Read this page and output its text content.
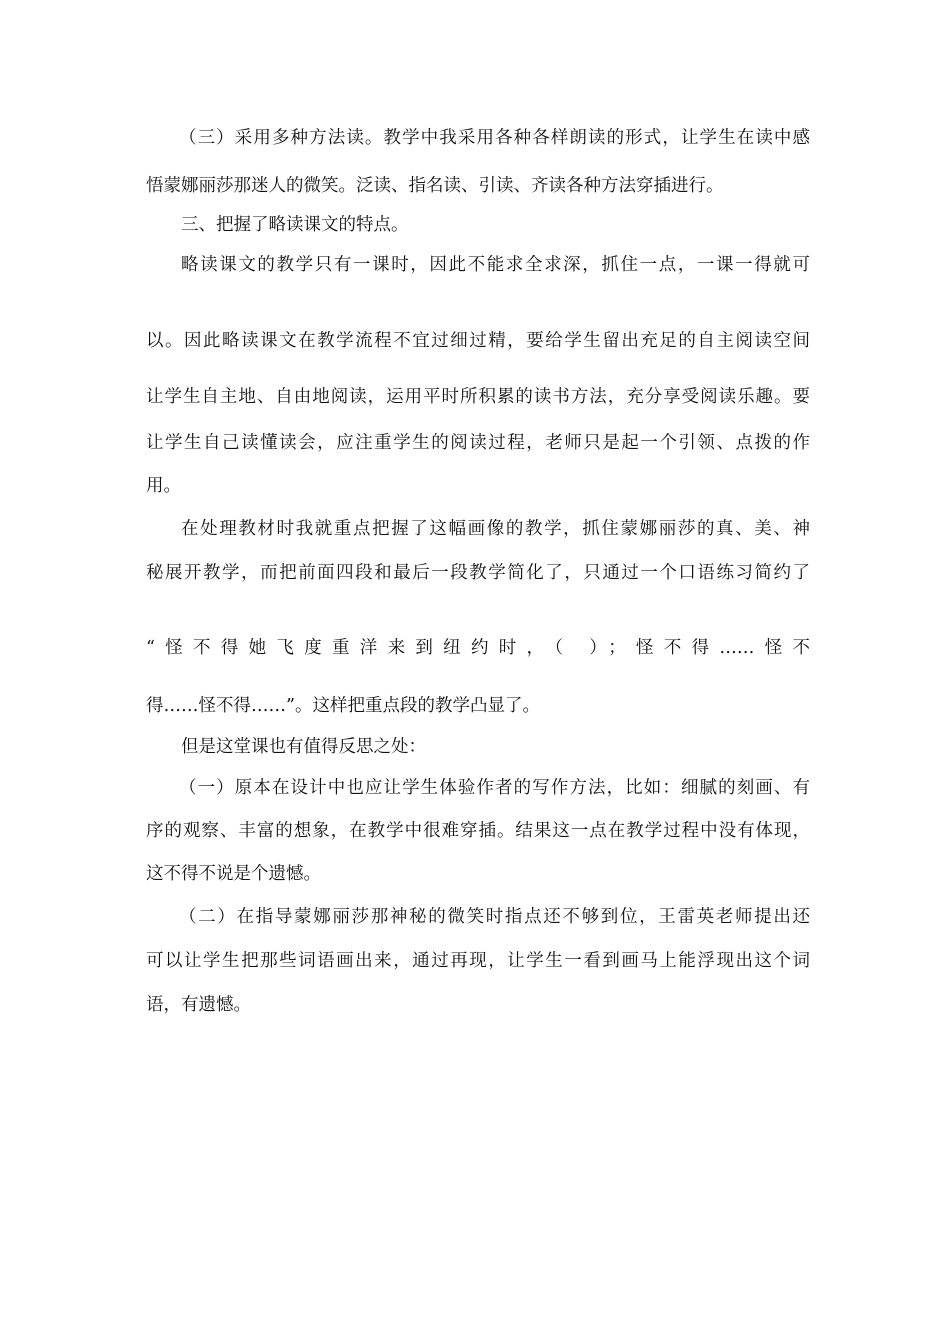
（三）采用多种方法读。教学中我采用各种各样朗读的形式，让学生在读中感
悟蒙娜丽莎那迷人的微笑。泛读、指名读、引读、齐读各种方法穿插进行。
三、把握了略读课文的特点。
略读课文的教学只有一课时，因此不能求全求深，抓住一点，一课一得就可
以。因此略读课文在教学流程不宜过细过精，要给学生留出充足的自主阅读空间
让学生自主地、自由地阅读，运用平时所积累的读书方法，充分享受阅读乐趣。要
让学生自己读懂读会，应注重学生的阅读过程，老师只是起一个引领、点拨的作
用。
在处理教材时我就重点把握了这幅画像的教学，抓住蒙娜丽莎的真、美、神
秘展开教学，而把前面四段和最后一段教学简化了，只通过一个口语练习简约了
“怪不得她飞度重洋来到纽约时，（ ）；怪不得……怪不
得……怪不得……”。这样把重点段的教学凸显了。
但是这堂课也有值得反思之处：
（一）原本在设计中也应让学生体验作者的写作方法，比如：细腻的刻画、有
序的观察、丰富的想象，在教学中很难穿插。结果这一点在教学过程中没有体现，
这不得不说是个遗憾。
（二）在指导蒙娜丽莎那神秘的微笑时指点还不够到位，王雷英老师提出还
可以让学生把那些词语画出来，通过再现，让学生一看到画马上能浮现出这个词
语，有遗憾。
